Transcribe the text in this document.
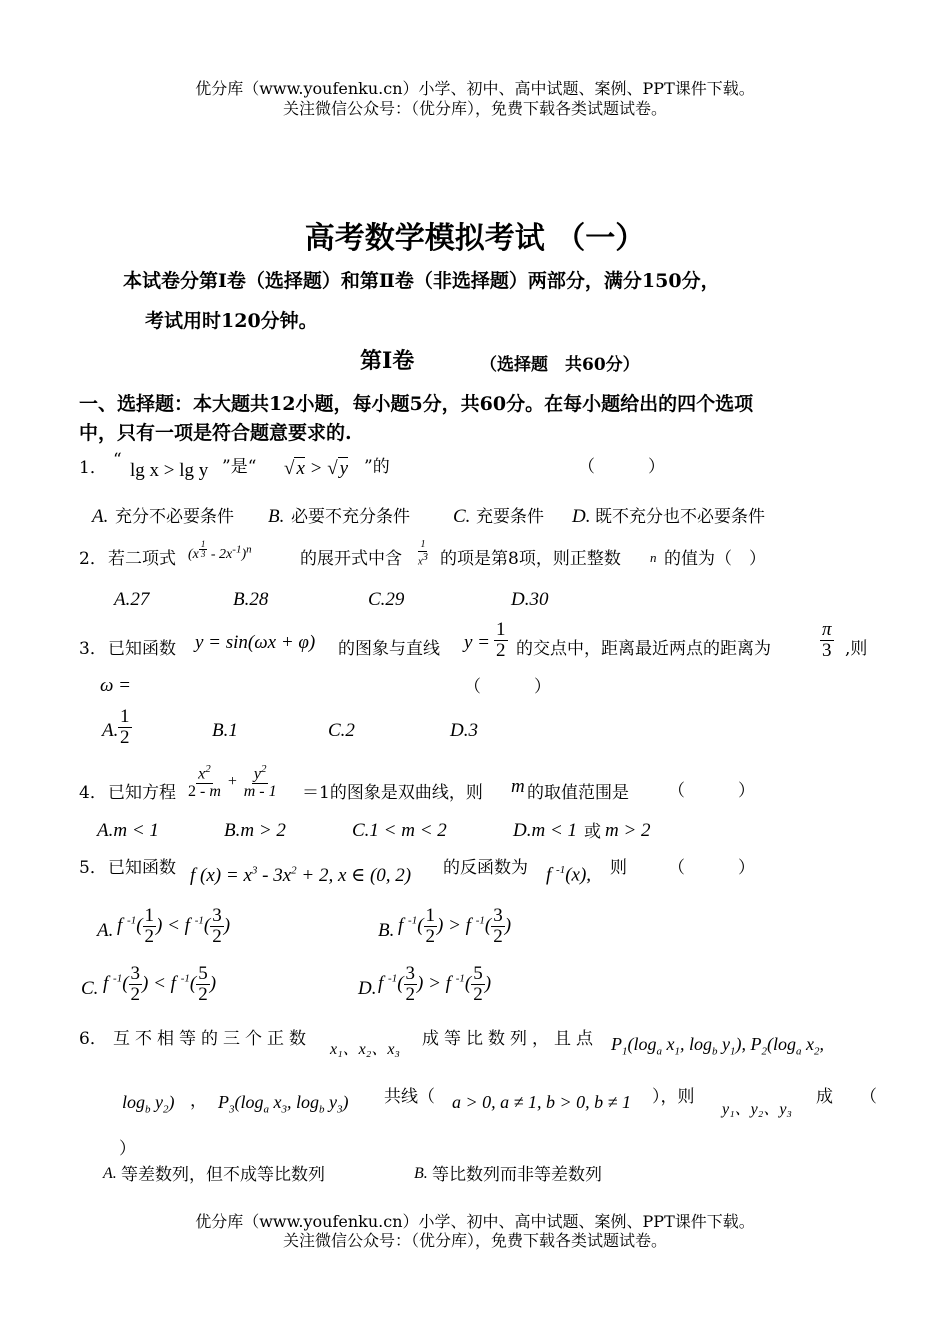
优分库（www.youfenku.cn）小学、初中、高中试题、案例、PPT课件下载。
关注微信公众号：（优分库），免费下载各类试题试卷。
高考数学模拟考试 （一）
本试卷分第Ⅰ卷（选择题）和第Ⅱ卷（非选择题）两部分，满分150分，
考试用时120分钟。
第Ⅰ卷	（选择题　共60分）
一、选择题：本大题共12小题，每小题5分，共60分。在每小题给出的四个选项
中，只有一项是符合题意要求的.
1． “ lg x > lg y ”是“ √ x > √ y ”的	（　）
A. 充分不必要条件 B. 必要不充分条件 C. 充要条件 D. 既不充分也不必要条件
2． 若二项式 (x $^{\frac{1}{3}} - 2x^{-1})^n$	的展开式中含 $\frac{1}{x^3}$ 的项是第8项，则正整数 n 的值为（　）
A.27	B.28	C.29	D.30
3． 已知函数 y = sin(ωx + φ) 的图象与直线 $y = \frac{1}{2}$ 的交点中，距离最近两点的距离为	$\frac{\pi}{3}$ ,则
ω =	（　）
A. $\frac{1}{2}$	B.1	C.2	D.3
4． 已知方程 $\frac{x^2}{2 - m} + \frac{y^2}{m - 1} =1$的图象是双曲线，则 m 的取值范围是 （　）
A.m < 1	B.m > 2	C.1 < m < 2	D.m < 1 或 m > 2
5． 已知函数 f $(x) = x^3 - 3x^2 + 2$, x ∈ (0, 2) 的反函数为 f $^{-1}$(x), 则 （　）
A. f $^{-1}( \frac{1}{2}$ ) < f $^{-1}( \frac{3}{2}$ )	B. f $^{-1}( \frac{1}{2}$ ) > f $^{-1}( \frac{3}{2}$ )
C. f $^{-1}( \frac{3}{2}$ ) < f $^{-1}( \frac{5}{2}$ )	D. f $^{-1}( \frac{3}{2}$ ) > f $^{-1}( \frac{5}{2}$ )
6． 互不相等的三个正数
x₁、x₂、x₃
成等比数列，且点 $P_1(\log_a$ $x_1$, $\log_b y_1$), $P_2(\log_a$ $x_2$,
$\log_b y_2$) ， $P_3(\log_a$ $x_3$, $\log_b y_3$) 共线（ a > 0, a ≠ 1, b > 0, b ≠ 1 ），则
y₁、y₂、y₃
成 （
）
A. 等差数列，但不成等比数列	B. 等比数列而非等差数列
优分库（www.youfenku.cn）小学、初中、高中试题、案例、PPT课件下载。
关注微信公众号：（优分库），免费下载各类试题试卷。
